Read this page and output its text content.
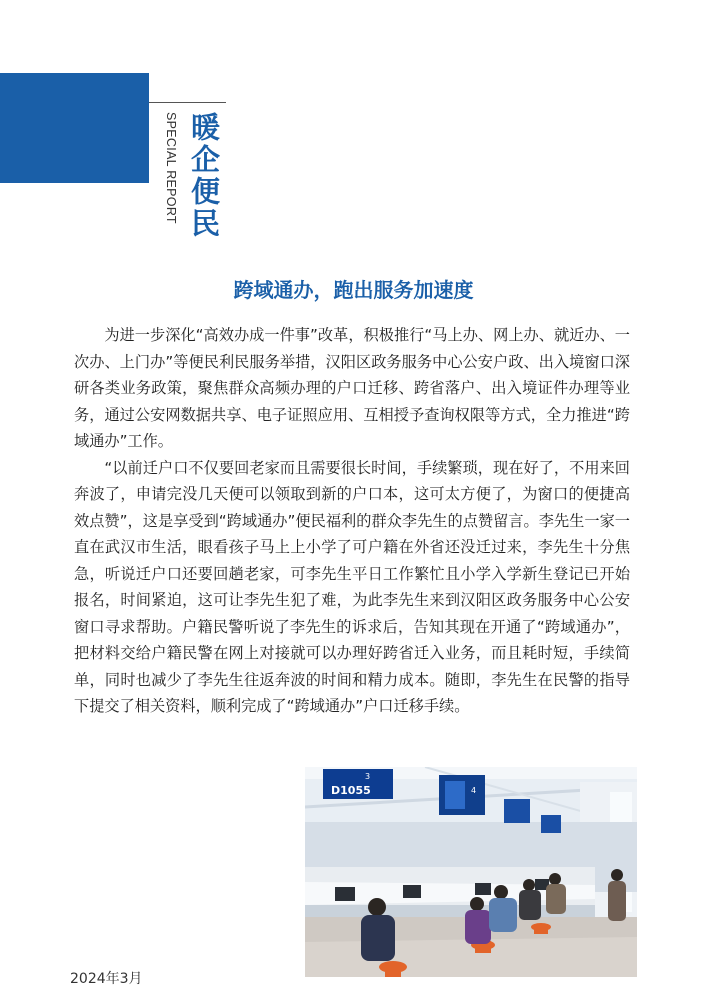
暖企便民
SPECIAL REPORT
跨域通办，跑出服务加速度

为进一步深化“高效办成一件事”改革，积极推行“马上办、网上办、就近办、一次办、上门办”等便民利民服务举措，汉阳区政务服务中心公安户政、出入境窗口深研各类业务政策，聚焦群众高频办理的户口迁移、跨省落户、出入境证件办理等业务，通过公安网数据共享、电子证照应用、互相授予查询权限等方式，全力推进“跨域通办”工作。

“以前迁户口不仅要回老家而且需要很长时间，手续繁琐，现在好了，不用来回奔波了，申请完没几天便可以领取到新的户口本，这可太方便了，为窗口的便捷高效点赞”，这是享受到“跨域通办”便民福利的群众李先生的点赞留言。李先生一家一直在武汉市生活，眼看孩子马上上小学了可户籍在外省还没迁过来，李先生十分焦急，听说迁户口还要回趟老家，可李先生平日工作繁忙且小学入学新生登记已开始报名，时间紧迫，这可让李先生犯了难，为此李先生来到汉阳区政务服务中心公安窗口寻求帮助。户籍民警听说了李先生的诉求后，告知其现在开通了“跨域通办”，把材料交给户籍民警在网上对接就可以办理好跨省迁入业务，而且耗时短，手续简单，同时也减少了李先生往返奔波的时间和精力成本。随即，李先生在民警的指导下提交了相关资料，顺利完成了“跨域通办”户口迁移手续。

3
D1055	4
2024年3月
